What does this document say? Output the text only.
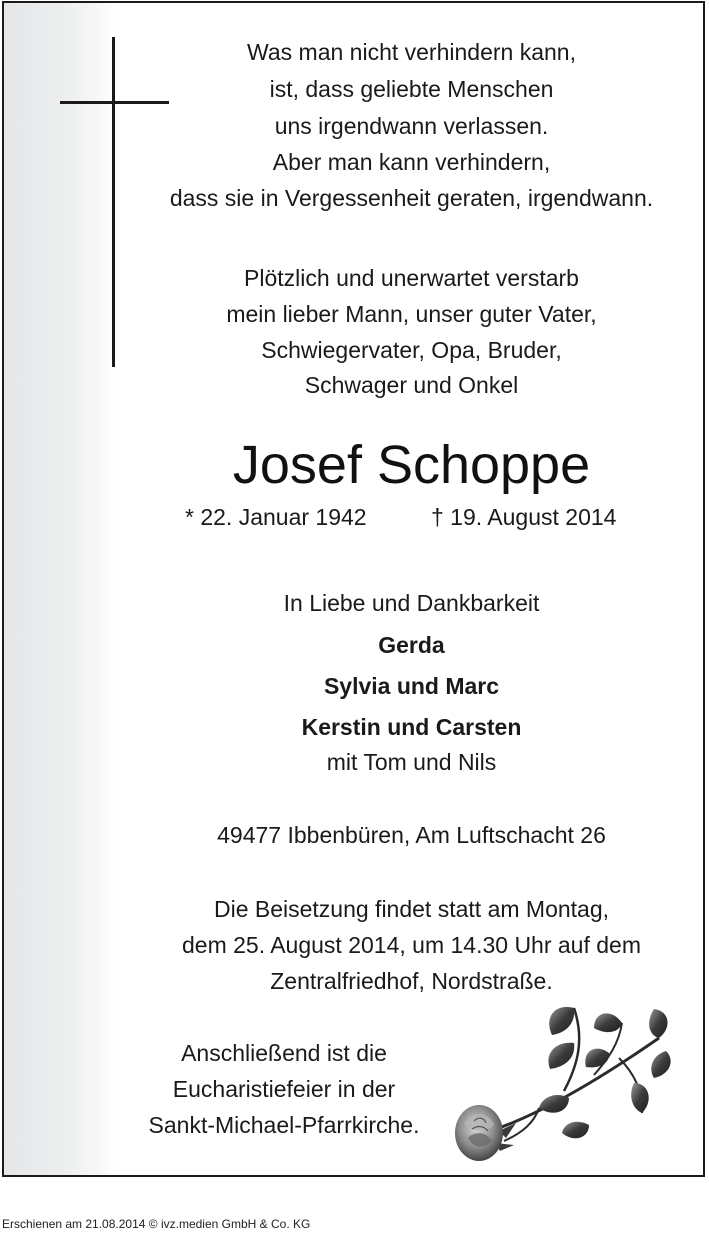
Was man nicht verhindern kann,
ist, dass geliebte Menschen
uns irgendwann verlassen.
Aber man kann verhindern,
dass sie in Vergessenheit geraten, irgendwann.
Plötzlich und unerwartet verstarb
mein lieber Mann, unser guter Vater,
Schwiegervater, Opa, Bruder,
Schwager und Onkel
Josef Schoppe
In Liebe und Dankbarkeit
Gerda
Sylvia und Marc
Kerstin und Carsten
mit Tom und Nils
49477 Ibbenbüren, Am Luftschacht 26
Die Beisetzung findet statt am Montag,
dem 25. August 2014, um 14.30 Uhr auf dem
Zentralfriedhof, Nordstraße.
Anschließend ist die
Eucharistiefeier in der
Sankt-Michael-Pfarrkirche.
* 22. Januar 1942	† 19. August 2014
Erschienen am 21.08.2014 © ivz.medien GmbH & Co. KG
